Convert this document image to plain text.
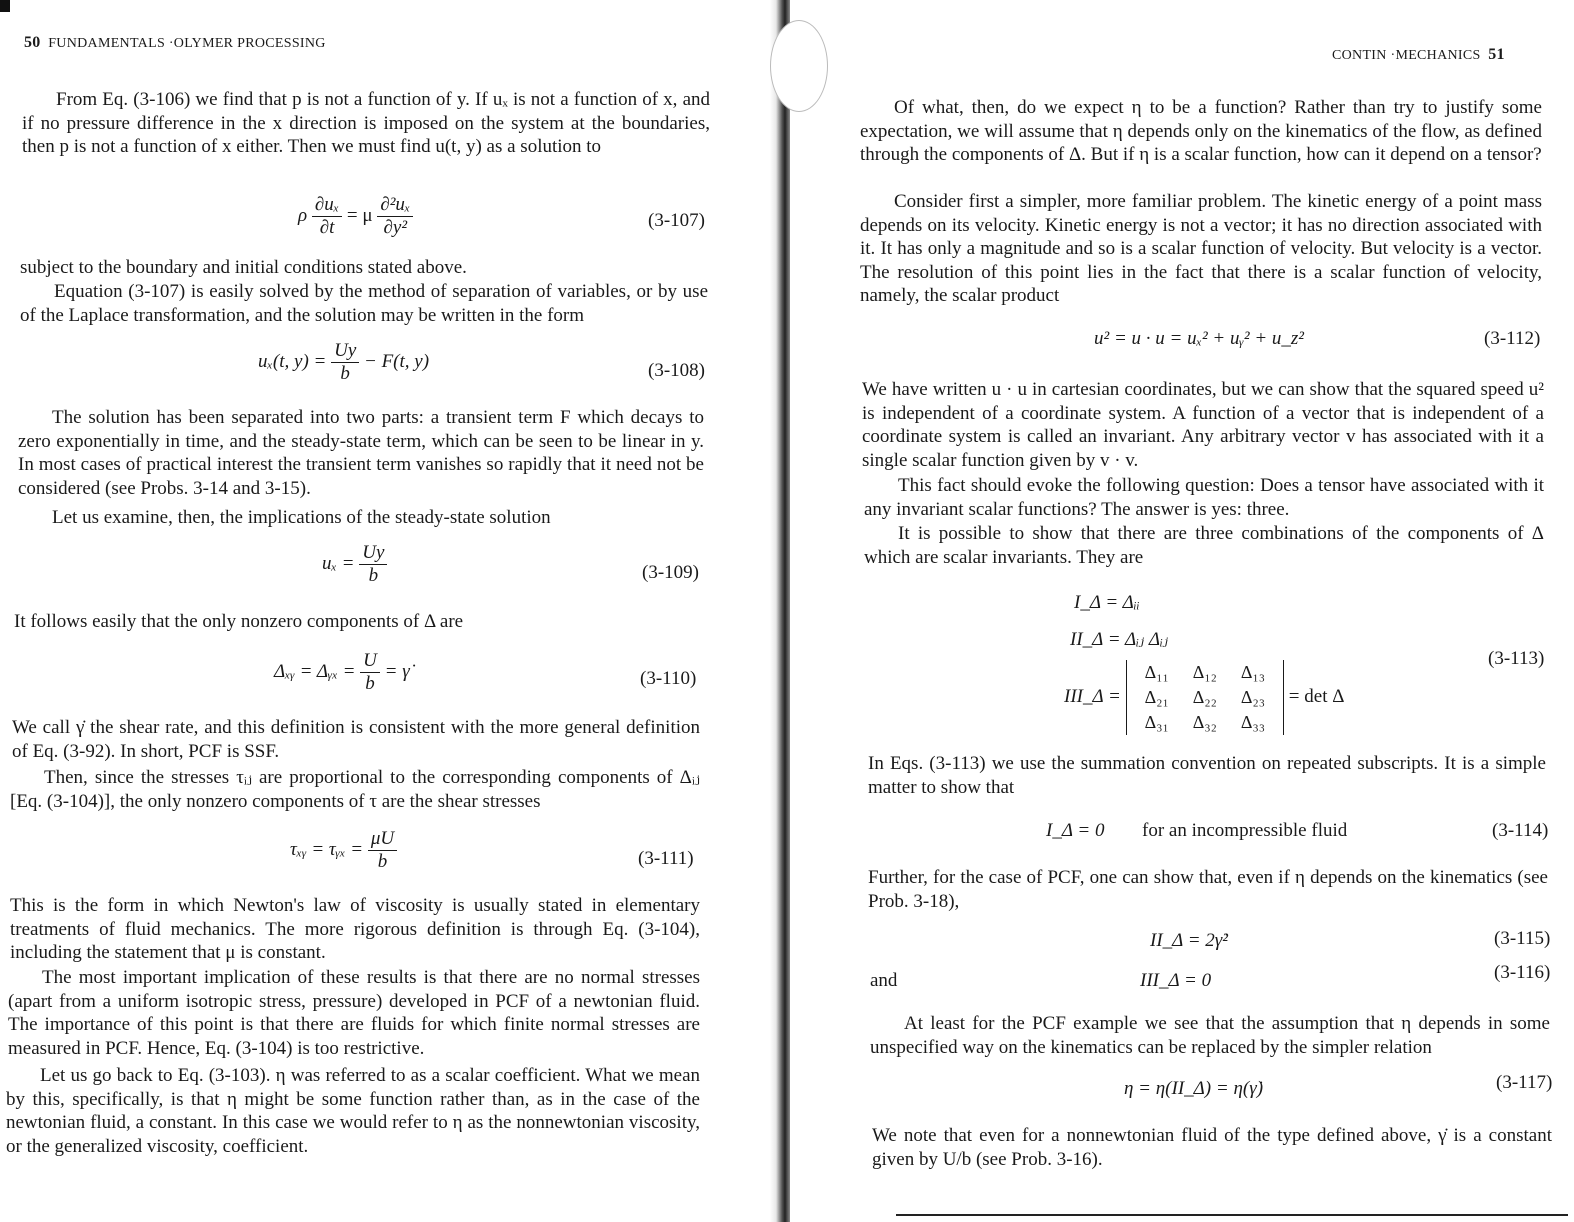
50 FUNDAMENTALS ·OLYMER PROCESSING

From Eq. (3-106) we find that p is not a function of y. If uₓ is not a function of x, and if no pressure difference in the x direction is imposed on the system at the boundaries, then p is not a function of x either. Then we must find u(t, y) as a solution to

ρ $\frac{\text{∂uₓ}}{\partial t} = \mu \frac{\text{∂²uₓ}}{\text{∂y²}}$	(3-107)

subject to the boundary and initial conditions stated above.

Equation (3-107) is easily solved by the method of separation of variables, or by use of the Laplace transformation, and the solution may be written in the form

uₓ(t, $y) = \frac{Uy}{b} - F(t$, y)	(3-108)

The solution has been separated into two parts: a transient term F which decays to zero exponentially in time, and the steady-state term, which can be seen to be linear in y. In most cases of practical interest the transient term vanishes so rapidly that it need not be considered (see Probs. 3-14 and 3-15).

Let us examine, then, the implications of the steady-state solution

$u_x = \frac{Uy}{b}$	(3-109)

It follows easily that the only nonzero components of Δ are

Δₓᵧ = Δᵧₓ = $\frac{U}{b}$ = γ̇	(3-110)

We call γ̇ the shear rate, and this definition is consistent with the more general definition of Eq. (3-92). In short, PCF is SSF.

Then, since the stresses τᵢⱼ are proportional to the corresponding components of Δᵢⱼ [Eq. (3-104)], the only nonzero components of τ are the shear stresses

τₓᵧ = τᵧₓ = $\frac{\mu U}{b}$	(3-111)

This is the form in which Newton's law of viscosity is usually stated in elementary treatments of fluid mechanics. The more rigorous definition is through Eq. (3-104), including the statement that μ is constant.

The most important implication of these results is that there are no normal stresses (apart from a uniform isotropic stress, pressure) developed in PCF of a newtonian fluid. The importance of this point is that there are fluids for which finite normal stresses are measured in PCF. Hence, Eq. (3-104) is too restrictive.

Let us go back to Eq. (3-103). η was referred to as a scalar coefficient. What we mean by this, specifically, is that η might be some function rather than, as in the case of the newtonian fluid, a constant. In this case we would refer to η as the nonnewtonian viscosity, or the generalized viscosity, coefficient.

CONTIN ·MECHANICS 51

Of what, then, do we expect η to be a function? Rather than try to justify some expectation, we will assume that η depends only on the kinematics of the flow, as defined through the components of Δ. But if η is a scalar function, how can it depend on a tensor?

Consider first a simpler, more familiar problem. The kinetic energy of a point mass depends on its velocity. Kinetic energy is not a vector; it has no direction associated with it. It has only a magnitude and so is a scalar function of velocity. But velocity is a vector. The resolution of this point lies in the fact that there is a scalar function of velocity, namely, the scalar product

u² = u · u = uₓ² + uᵧ² + u_z²	(3-112)

We have written u · u in cartesian coordinates, but we can show that the squared speed u² is independent of a coordinate system. A function of a vector that is independent of a coordinate system is called an invariant. Any arbitrary vector v has associated with it a single scalar function given by v · v.

This fact should evoke the following question: Does a tensor have associated with it any invariant scalar functions? The answer is yes: three.

It is possible to show that there are three combinations of the components of Δ which are scalar invariants. They are

I_Δ = Δᵢᵢ
II_Δ = Δᵢⱼ Δᵢⱼ
III_Δ =
Δ₁₁	Δ₁₂	Δ₁₃
Δ₂₁	Δ₂₂	Δ₂₃
Δ₃₁	Δ₃₂	Δ₃₃
= det Δ
(3-113)

In Eqs. (3-113) we use the summation convention on repeated subscripts. It is a simple matter to show that

I_Δ = 0 for an incompressible fluid	(3-114)

Further, for the case of PCF, one can show that, even if η depends on the kinematics (see Prob. 3-18),

II_Δ = 2γ̇²	(3-115)
and	III_Δ = 0	(3-116)

At least for the PCF example we see that the assumption that η depends in some unspecified way on the kinematics can be replaced by the simpler relation

η = η(II_Δ) = η(γ̇)	(3-117)

We note that even for a nonnewtonian fluid of the type defined above, γ̇ is a constant given by U/b (see Prob. 3-16).
